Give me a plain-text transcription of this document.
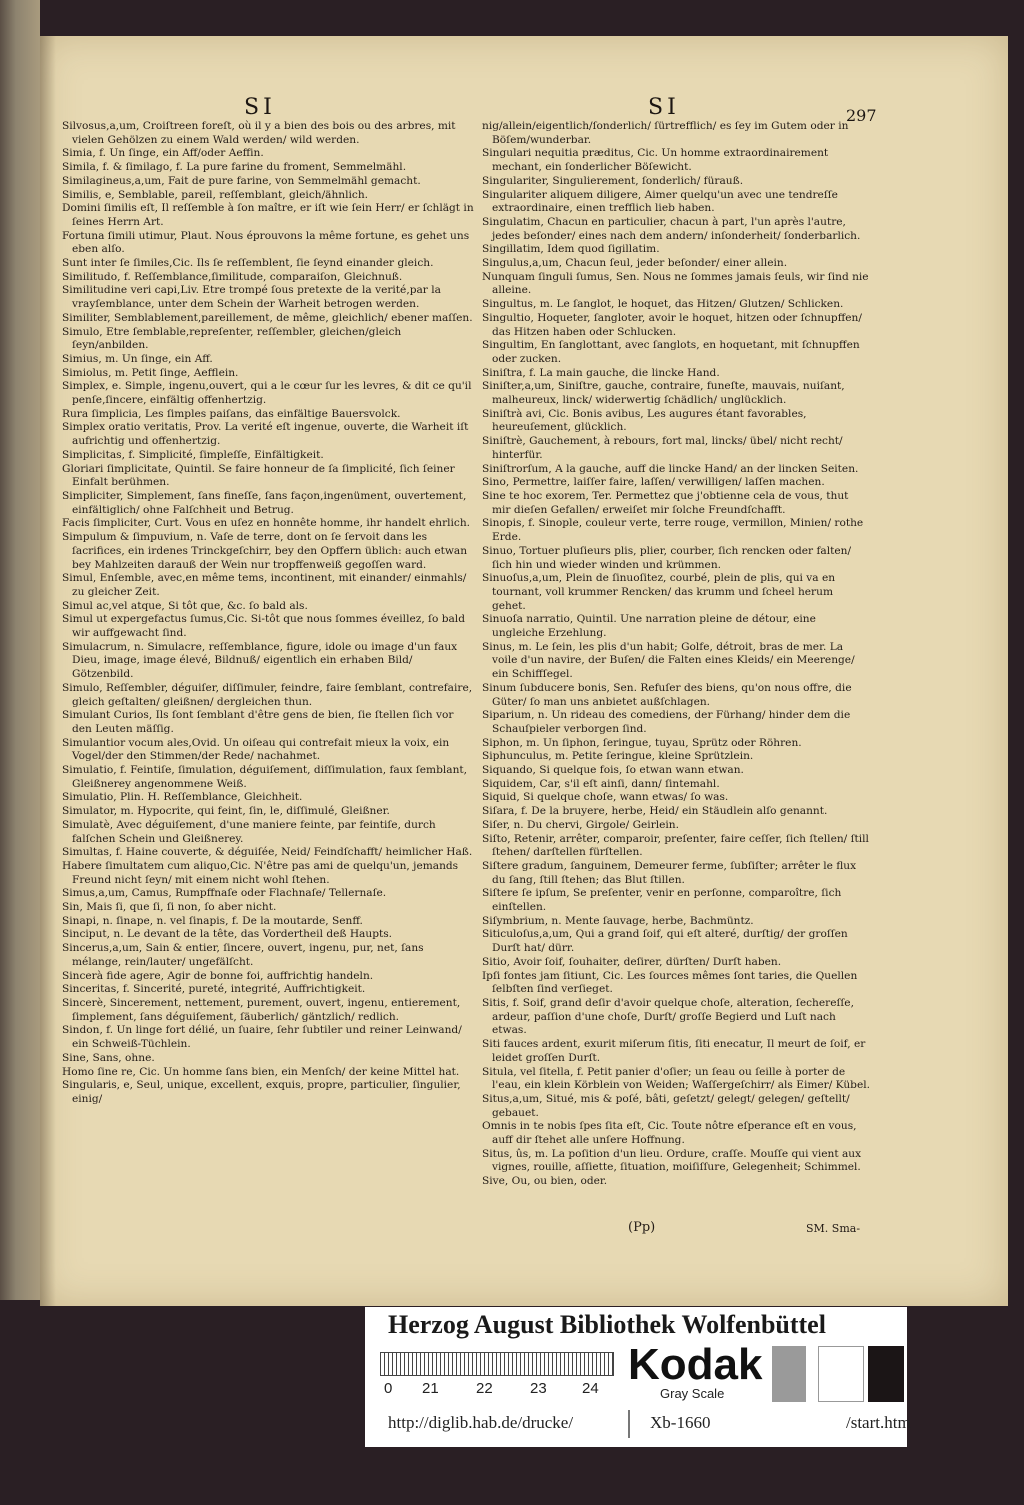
SI	SI	297

Silvosus,a,um, Croiſtreen foreſt, où il y a bien des bois ou des arbres, mit vielen Gehölzen zu einem Wald werden/ wild werden.

Simia, f. Un ſinge, ein Aff/oder Aeffin.

Simila, f. & ſimilago, f. La pure farine du froment, Semmelmähl.

Similagineus,a,um, Fait de pure farine, von Semmelmähl gemacht.

Similis, e, Semblable, pareil, reſſemblant, gleich/ähnlich.

Domini ſimilis eſt, Il reſſemble à ſon maître, er iſt wie ſein Herr/ er ſchlägt in ſeines Herrn Art.

Fortuna ſimili utimur, Plaut. Nous éprouvons la même fortune, es gehet uns eben alſo.

Sunt inter ſe ſimiles,Cic. Ils ſe reſſemblent, ſie ſeynd einander gleich.

Similitudo, f. Reſſemblance,ſimilitude, comparaiſon, Gleichnuß.

Similitudine veri capi,Liv. Etre trompé ſous pretexte de la verité,par la vrayſemblance, unter dem Schein der Warheit betrogen werden.

Similiter, Semblablement,pareillement, de même, gleichlich/ ebener maſſen.

Simulo, Etre ſemblable,repreſenter, reſſembler, gleichen/gleich ſeyn/anbilden.

Simius, m. Un ſinge, ein Aff.

Simiolus, m. Petit ſinge, Aefflein.

Simplex, e. Simple, ingenu,ouvert, qui a le cœur ſur les levres, & dit ce qu'il penſe,ſincere, einfältig offenhertzig.

Rura ſimplicia, Les ſimples paiſans, das einfältige Bauersvolck.

Simplex oratio veritatis, Prov. La verité eſt ingenue, ouverte, die Warheit iſt aufrichtig und offenhertzig.

Simplicitas, f. Simplicité, ſimpleſſe, Einfältigkeit.

Gloriari ſimplicitate, Quintil. Se faire honneur de ſa ſimplicité, ſich ſeiner Einfalt berühmen.

Simpliciter, Simplement, ſans fineſſe, ſans façon,ingenüment, ouvertement, einfältiglich/ ohne Falſchheit und Betrug.

Facis ſimpliciter, Curt. Vous en uſez en honnête homme, ihr handelt ehrlich.

Simpulum & ſimpuvium, n. Vaſe de terre, dont on ſe ſervoit dans les ſacrifices, ein irdenes Trinckgeſchirr, bey den Opffern üblich: auch etwan bey Mahlzeiten darauß der Wein nur tropffenweiß gegoſſen ward.

Simul, Enſemble, avec,en même tems, incontinent, mit einander/ einmahls/ zu gleicher Zeit.

Simul ac,vel atque, Si tôt que, &c. ſo bald als.

Simul ut expergefactus ſumus,Cic. Si-tôt que nous ſommes éveillez, ſo bald wir auffgewacht ſind.

Simulacrum, n. Simulacre, reſſemblance, figure, idole ou image d'un faux Dieu, image, image élevé, Bildnuß/ eigentlich ein erhaben Bild/ Götzenbild.

Simulo, Reſſembler, déguiſer, diſſimuler, feindre, faire ſemblant, contrefaire, gleich geſtalten/ gleißnen/ dergleichen thun.

Simulant Curios, Ils ſont ſemblant d'être gens de bien, ſie ſtellen ſich vor den Leuten mäſſig.

Simulantior vocum ales,Ovid. Un oiſeau qui contrefait mieux la voix, ein Vogel/der den Stimmen/der Rede/ nachahmet.

Simulatio, f. Feintiſe, ſimulation, déguiſement, diſſimulation, faux ſemblant, Gleißnerey angenommene Weiß.

Simulatio, Plin. H. Reſſemblance, Gleichheit.

Simulator, m. Hypocrite, qui feint, ſin, le, diſſimulé, Gleißner.

Simulatè, Avec déguiſement, d'une maniere feinte, par feintiſe, durch falſchen Schein und Gleißnerey.

Simultas, f. Haine couverte, & déguiſée, Neid/ Feindſchafft/ heimlicher Haß.

Habere ſimultatem cum aliquo,Cic. N'être pas ami de quelqu'un, jemands Freund nicht ſeyn/ mit einem nicht wohl ſtehen.

Simus,a,um, Camus, Rumpffnaſe oder Flachnaſe/ Tellernaſe.

Sin, Mais ſi, que ſi, ſi non, ſo aber nicht.

Sinapi, n. ſinape, n. vel ſinapis, f. De la moutarde, Senff.

Sinciput, n. Le devant de la tête, das Vordertheil deß Haupts.

Sincerus,a,um, Sain & entier, ſincere, ouvert, ingenu, pur, net, ſans mélange, rein/lauter/ ungefälſcht.

Sincerà fide agere, Agir de bonne foi, auffrichtig handeln.

Sinceritas, f. Sincerité, pureté, integrité, Auffrichtigkeit.

Sincerè, Sincerement, nettement, purement, ouvert, ingenu, entierement, ſimplement, ſans déguiſement, ſäuberlich/ gäntzlich/ redlich.

Sindon, f. Un linge fort délié, un ſuaire, ſehr ſubtiler und reiner Leinwand/ ein Schweiß-Tüchlein.

Sine, Sans, ohne.

Homo ſine re, Cic. Un homme ſans bien, ein Menſch/ der keine Mittel hat.

Singularis, e, Seul, unique, excellent, exquis, propre, particulier, ſingulier, einig/

nig/allein/eigentlich/ſonderlich/ ſürtrefflich/ es ſey im Gutem oder in Böſem/wunderbar.

Singulari nequitia præditus, Cic. Un homme extraordinairement mechant, ein ſonderlicher Böſewicht.

Singulariter, Singulierement, ſonderlich/ fürauß.

Singulariter aliquem diligere, Aimer quelqu'un avec une tendreſſe extraordinaire, einen trefflich lieb haben.

Singulatim, Chacun en particulier, chacun à part, l'un après l'autre, jedes beſonder/ eines nach dem andern/ inſonderheit/ ſonderbarlich.

Singillatim, Idem quod ſigillatim.

Singulus,a,um, Chacun ſeul, jeder beſonder/ einer allein.

Nunquam ſinguli ſumus, Sen. Nous ne ſommes jamais ſeuls, wir ſind nie alleine.

Singultus, m. Le ſanglot, le hoquet, das Hitzen/ Glutzen/ Schlicken.

Singultio, Hoqueter, ſangloter, avoir le hoquet, hitzen oder ſchnupffen/ das Hitzen haben oder Schlucken.

Singultim, En ſanglottant, avec ſanglots, en hoquetant, mit ſchnupffen oder zucken.

Siniſtra, f. La main gauche, die lincke Hand.

Siniſter,a,um, Siniſtre, gauche, contraire, funeſte, mauvais, nuiſant, malheureux, linck/ widerwertig ſchädlich/ unglücklich.

Siniſtrà avi, Cic. Bonis avibus, Les augures étant favorables, heureuſement, glücklich.

Siniſtrè, Gauchement, à rebours, fort mal, lincks/ übel/ nicht recht/ hinterfür.

Siniſtrorſum, A la gauche, auff die lincke Hand/ an der lincken Seiten.

Sino, Permettre, laiſſer faire, laſſen/ verwilligen/ laſſen machen.

Sine te hoc exorem, Ter. Permettez que j'obtienne cela de vous, thut mir dieſen Gefallen/ erweiſet mir ſolche Freundſchafft.

Sinopis, f. Sinople, couleur verte, terre rouge, vermillon, Minien/ rothe Erde.

Sinuo, Tortuer pluſieurs plis, plier, courber, ſich rencken oder falten/ ſich hin und wieder winden und krümmen.

Sinuoſus,a,um, Plein de ſinuoſitez, courbé, plein de plis, qui va en tournant, voll krummer Rencken/ das krumm und ſcheel herum gehet.

Sinuoſa narratio, Quintil. Une narration pleine de détour, eine ungleiche Erzehlung.

Sinus, m. Le ſein, les plis d'un habit; Golfe, détroit, bras de mer. La voile d'un navire, der Buſen/ die Falten eines Kleids/ ein Meerenge/ ein Schiffſegel.

Sinum ſubducere bonis, Sen. Refuſer des biens, qu'on nous offre, die Güter/ ſo man uns anbietet außſchlagen.

Siparium, n. Un rideau des comediens, der Fürhang/ hinder dem die Schauſpieler verborgen ſind.

Siphon, m. Un ſiphon, ſeringue, tuyau, Sprütz oder Röhren.

Siphunculus, m. Petite ſeringue, kleine Sprützlein.

Siquando, Si quelque fois, ſo etwan wann etwan.

Siquidem, Car, s'il eſt ainſi, dann/ ſintemahl.

Siquid, Si quelque choſe, wann etwas/ ſo was.

Siſara, f. De la bruyere, herbe, Heid/ ein Stäudlein alſo genannt.

Siſer, n. Du chervi, Girgole/ Geirlein.

Siſto, Retenir, arrêter, comparoir, preſenter, faire ceſſer, ſich ſtellen/ ſtill ſtehen/ darſtellen fürſtellen.

Siſtere gradum, ſanguinem, Demeurer ferme, ſubſiſter; arrêter le flux du ſang, ſtill ſtehen; das Blut ſtillen.

Siſtere ſe ipſum, Se preſenter, venir en perſonne, comparoître, ſich einſtellen.

Siſymbrium, n. Mente ſauvage, herbe, Bachmüntz.

Siticuloſus,a,um, Qui a grand ſoif, qui eſt alteré, durſtig/ der groſſen Durſt hat/ dürr.

Sitio, Avoir ſoif, ſouhaiter, deſirer, dürſten/ Durſt haben.

Ipſi fontes jam ſitiunt, Cic. Les ſources mêmes ſont taries, die Quellen ſelbſten ſind verſieget.

Sitis, f. Soif, grand deſir d'avoir quelque choſe, alteration, ſechereſſe, ardeur, paſſion d'une choſe, Durſt/ groſſe Begierd und Luſt nach etwas.

Siti fauces ardent, exurit miſerum ſitis, ſiti enecatur, Il meurt de ſoif, er leidet groſſen Durſt.

Situla, vel ſitella, f. Petit panier d'oſier; un ſeau ou ſeille à porter de l'eau, ein klein Körblein von Weiden; Waſſergeſchirr/ als Eimer/ Kübel.

Situs,a,um, Situé, mis & poſé, bâti, geſetzt/ gelegt/ gelegen/ geſtellt/ gebauet.

Omnis in te nobis ſpes ſita eſt, Cic. Toute nôtre eſperance eſt en vous, auff dir ſtehet alle unſere Hoffnung.

Situs, ûs, m. La poſition d'un lieu. Ordure, craſſe. Mouſſe qui vient aux vignes, rouille, aſſiette, ſituation, moiſiſſure, Gelegenheit; Schimmel.

Sive, Ou, ou bien, oder.

(Pp)	SM. Sma-
Herzog August Bibliothek Wolfenbüttel
0 21 22 23 24 Kodak
Gray Scale
http://diglib.hab.de/drucke/	Xb-1660	/start.htm
